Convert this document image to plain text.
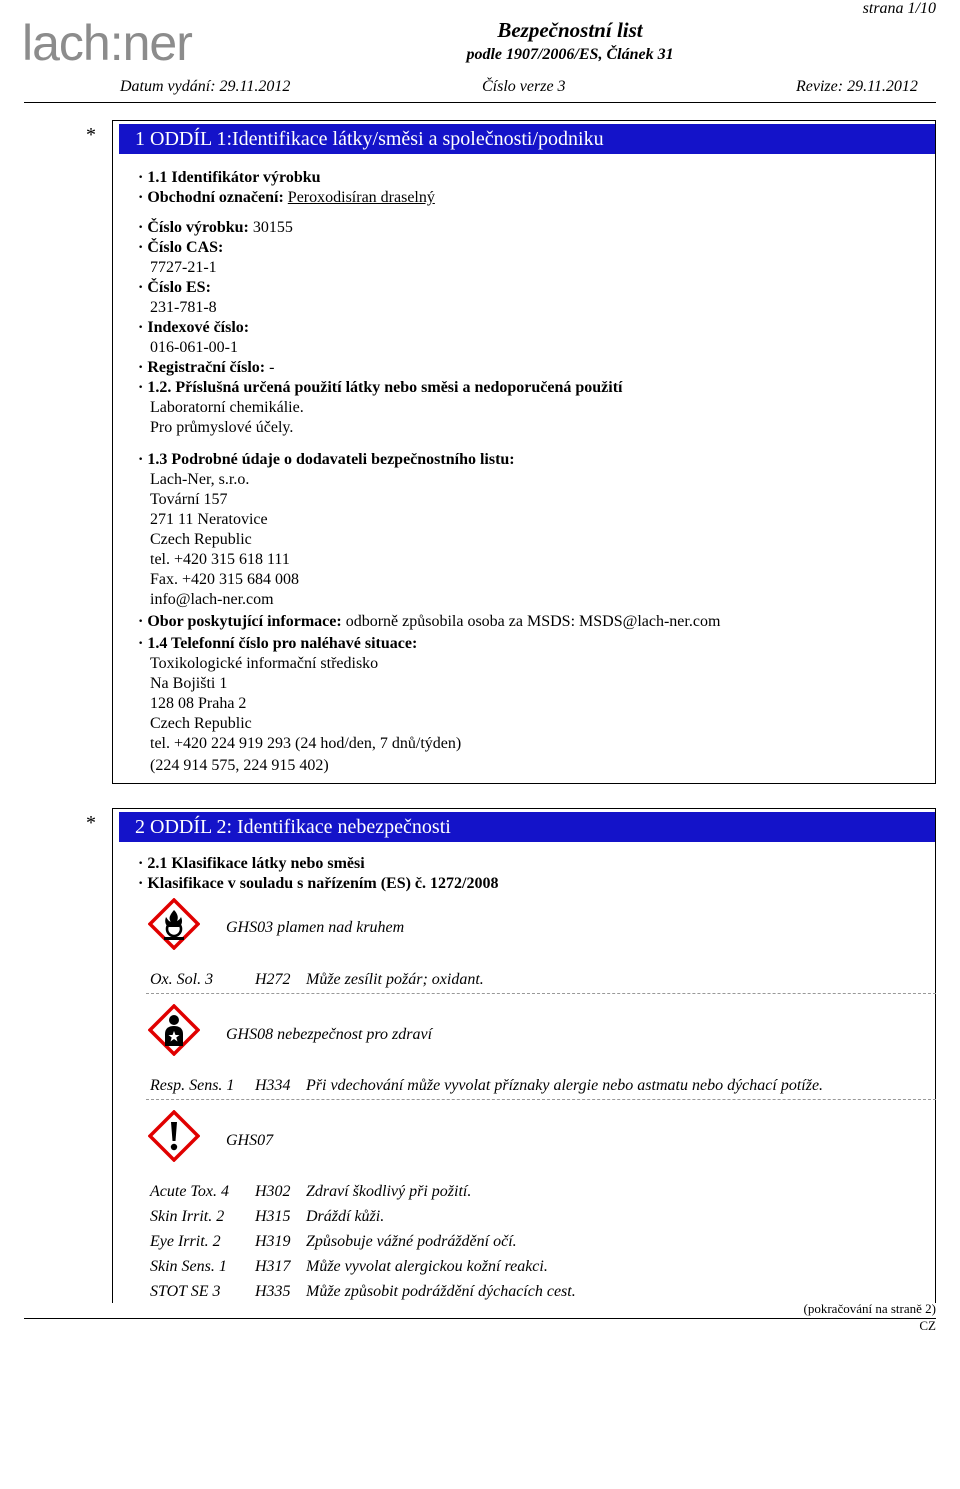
lach:ner
strana 1/10
Bezpečnostní list
podle 1907/2006/ES, Článek 31
Datum vydání: 29.11.2012	Číslo verze 3	Revize: 29.11.2012
*	1 ODDÍL 1:Identifikace látky/směsi a společnosti/podniku
· 1.1 Identifikátor výrobku
· Obchodní označení: Peroxodisíran draselný
· Číslo výrobku: 30155
· Číslo CAS:
7727-21-1
· Číslo ES:
231-781-8
· Indexové číslo:
016-061-00-1
· Registrační číslo: -
· 1.2. Příslušná určená použití látky nebo směsi a nedoporučená použití
Laboratorní chemikálie.
Pro průmyslové účely.
· 1.3 Podrobné údaje o dodavateli bezpečnostního listu:
Lach-Ner, s.r.o.
Tovární 157
271 11 Neratovice
Czech Republic
tel. +420 315 618 111
Fax. +420 315 684 008
info@lach-ner.com
· Obor poskytující informace: odborně způsobila osoba za MSDS: MSDS@lach-ner.com
· 1.4 Telefonní číslo pro naléhavé situace:
Toxikologické informační středisko
Na Bojišti 1
128 08 Praha 2
Czech Republic
tel. +420 224 919 293 (24 hod/den, 7 dnů/týden)
(224 914 575, 224 915 402)
*	2 ODDÍL 2: Identifikace nebezpečnosti
· 2.1 Klasifikace látky nebo směsi
· Klasifikace v souladu s nařízením (ES) č. 1272/2008
GHS03 plamen nad kruhem
Ox. Sol. 3	H272 Může zesílit požár; oxidant.
GHS08 nebezpečnost pro zdraví
Resp. Sens. 1 H334 Při vdechování může vyvolat příznaky alergie nebo astmatu nebo dýchací potíže.
GHS07
Acute Tox. 4 H302 Zdraví škodlivý při požití.
Skin Irrit. 2 H315 Dráždí kůži.
Eye Irrit. 2 H319 Způsobuje vážné podráždění očí.
Skin Sens. 1 H317 Může vyvolat alergickou kožní reakci.
STOT SE 3 H335 Může způsobit podráždění dýchacích cest.
(pokračování na straně 2)
CZ
